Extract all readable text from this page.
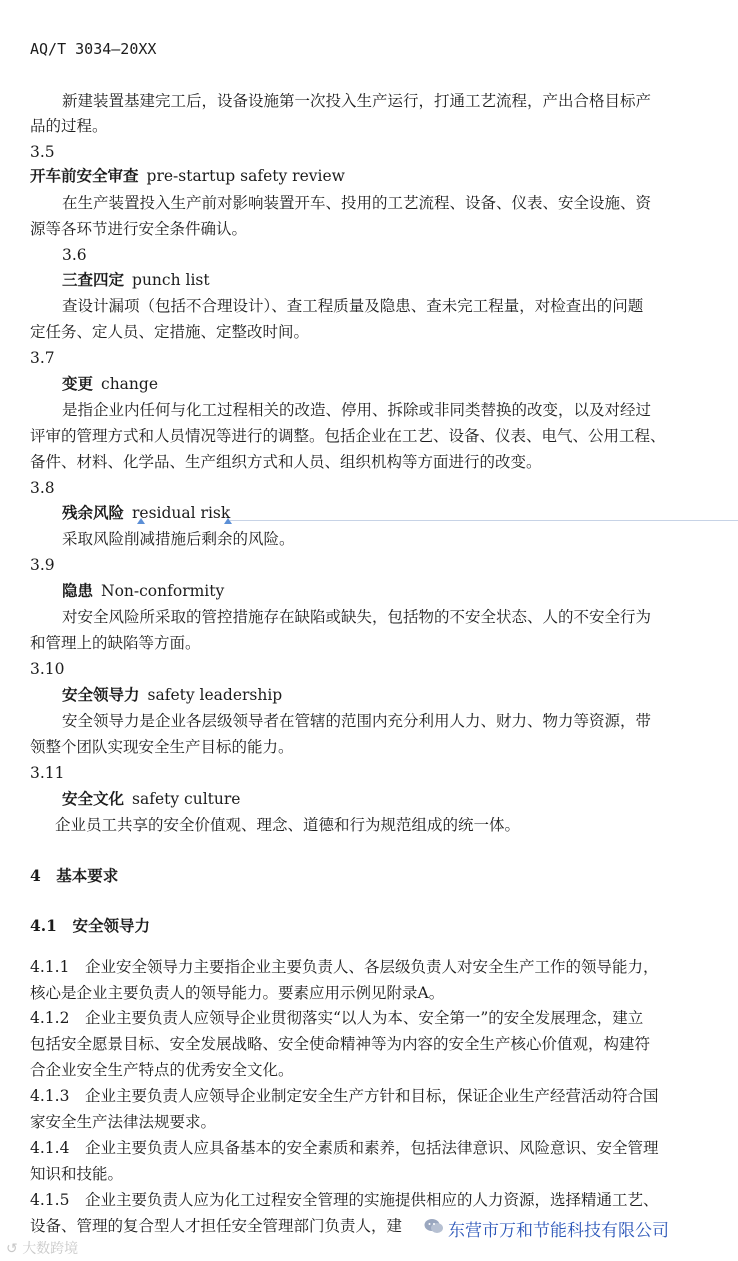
AQ/T 3034—20XX
新建装置基建完工后，设备设施第一次投入生产运行，打通工艺流程，产出合格目标产
品的过程。
3.5
开车前安全审查 pre-startup safety review
在生产装置投入生产前对影响装置开车、投用的工艺流程、设备、仪表、安全设施、资
源等各环节进行安全条件确认。
3.6
三查四定 punch list
查设计漏项（包括不合理设计）、查工程质量及隐患、查未完工程量，对检查出的问题
定任务、定人员、定措施、定整改时间。
3.7
变更 change
是指企业内任何与化工过程相关的改造、停用、拆除或非同类替换的改变，以及对经过
评审的管理方式和人员情况等进行的调整。包括企业在工艺、设备、仪表、电气、公用工程、
备件、材料、化学品、生产组织方式和人员、组织机构等方面进行的改变。
3.8
残余风险 residual risk
采取风险削减措施后剩余的风险。
3.9
隐患 Non-conformity
对安全风险所采取的管控措施存在缺陷或缺失，包括物的不安全状态、人的不安全行为
和管理上的缺陷等方面。
3.10
安全领导力 safety leadership
安全领导力是企业各层级领导者在管辖的范围内充分利用人力、财力、物力等资源，带
领整个团队实现安全生产目标的能力。
3.11
安全文化 safety culture
企业员工共享的安全价值观、理念、道德和行为规范组成的统一体。
4　基本要求
4.1　安全领导力
4.1.1　企业安全领导力主要指企业主要负责人、各层级负责人对安全生产工作的领导能力，
核心是企业主要负责人的领导能力。要素应用示例见附录A。
4.1.2　企业主要负责人应领导企业贯彻落实“以人为本、安全第一”的安全发展理念，建立
包括安全愿景目标、安全发展战略、安全使命精神等为内容的安全生产核心价值观，构建符
合企业安全生产特点的优秀安全文化。
4.1.3　企业主要负责人应领导企业制定安全生产方针和目标，保证企业生产经营活动符合国
家安全生产法律法规要求。
4.1.4　企业主要负责人应具备基本的安全素质和素养，包括法律意识、风险意识、安全管理
知识和技能。
4.1.5　企业主要负责人应为化工过程安全管理的实施提供相应的人力资源，选择精通工艺、
设备、管理的复合型人才担任安全管理部门负责人，建
↺ 大数跨境
东营市万和节能科技有限公司
